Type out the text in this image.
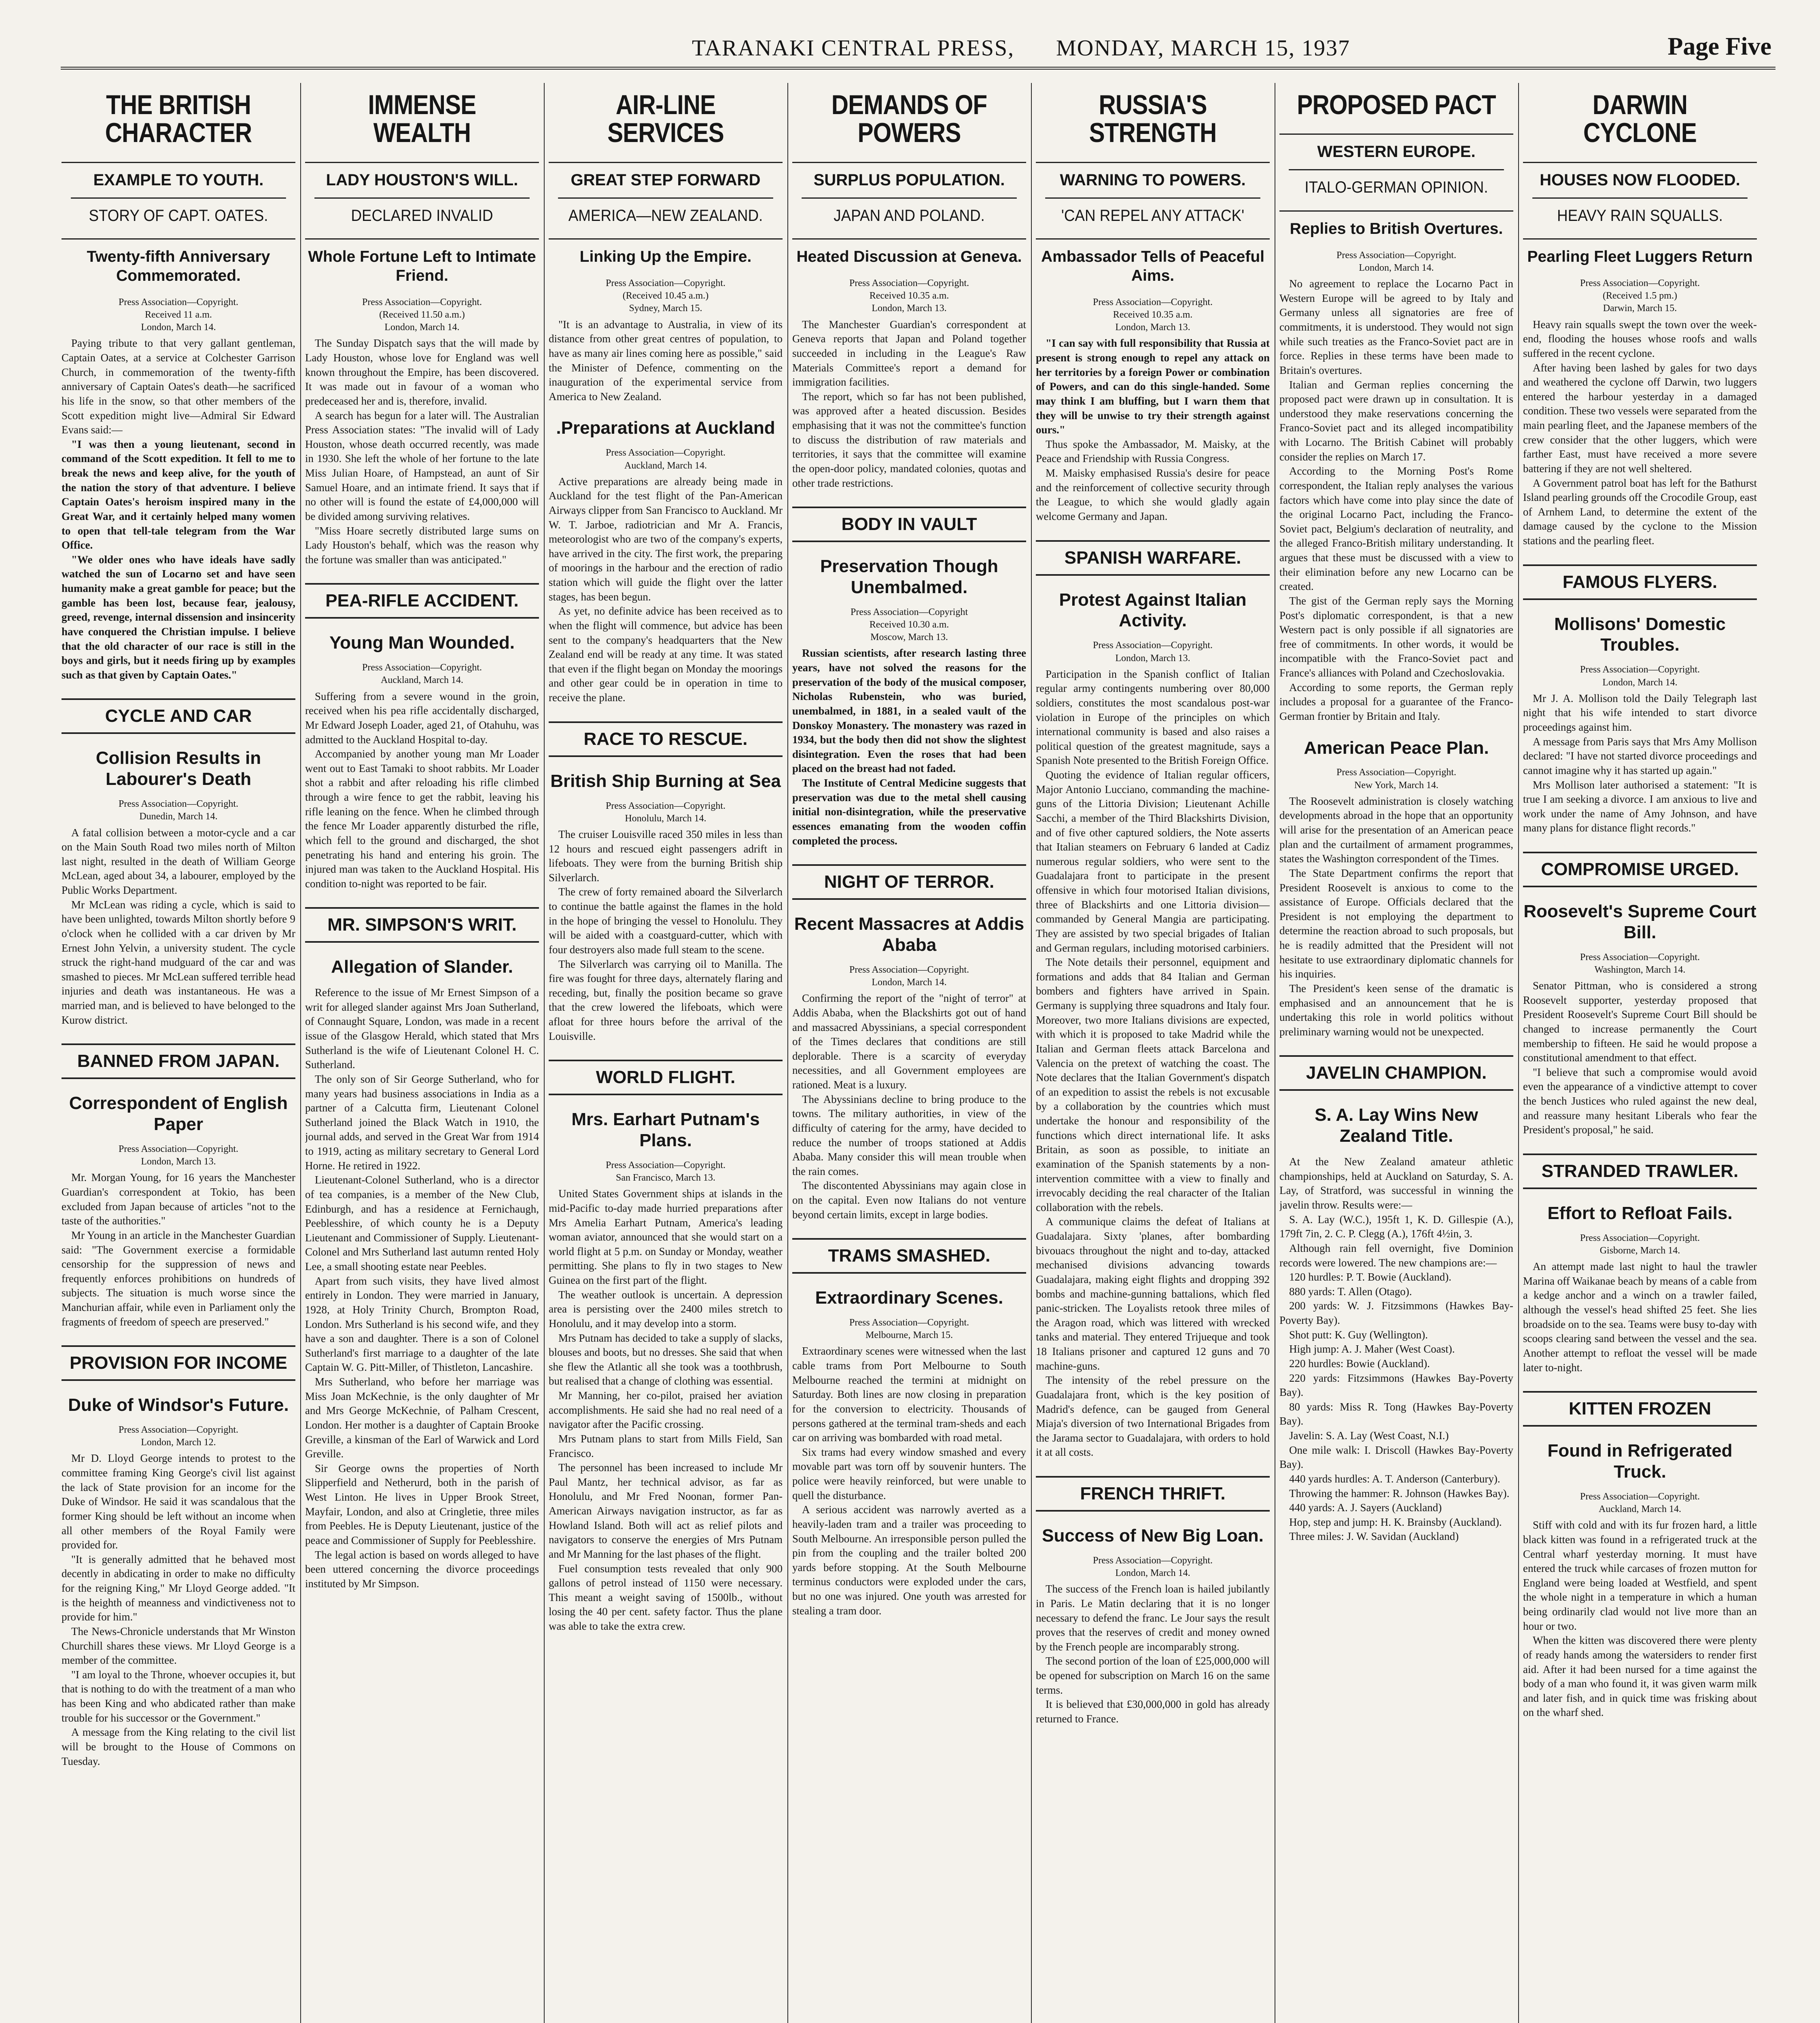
TARANAKI CENTRAL PRESS, MONDAY, MARCH 15, 1937	Page Five
THE BRITISH CHARACTER
EXAMPLE TO YOUTH.
STORY OF CAPT. OATES.
Twenty-fifth Anniversary Commemorated.
Press Association—Copyright.
Received 11 a.m.
London, March 14.

Paying tribute to that very gallant gentleman, Captain Oates, at a service at Colchester Garrison Church, in commemoration of the twenty-fifth anniversary of Captain Oates's death—he sacrificed his life in the snow, so that other members of the Scott expedition might live—Admiral Sir Edward Evans said:—

"I was then a young lieutenant, second in command of the Scott expedition. It fell to me to break the news and keep alive, for the youth of the nation the story of that adventure. I believe Captain Oates's heroism inspired many in the Great War, and it certainly helped many women to open that tell-tale telegram from the War Office.

"We older ones who have ideals have sadly watched the sun of Locarno set and have seen humanity make a great gamble for peace; but the gamble has been lost, because fear, jealousy, greed, revenge, internal dissension and insincerity have conquered the Christian impulse. I believe that the old character of our race is still in the boys and girls, but it needs firing up by examples such as that given by Captain Oates."

CYCLE AND CAR
Collision Results in Labourer's Death
Press Association—Copyright.
Dunedin, March 14.

A fatal collision between a motor-cycle and a car on the Main South Road two miles north of Milton last night, resulted in the death of William George McLean, aged about 34, a labourer, employed by the Public Works Department.

Mr McLean was riding a cycle, which is said to have been unlighted, towards Milton shortly before 9 o'clock when he collided with a car driven by Mr Ernest John Yelvin, a university student. The cycle struck the right-hand mudguard of the car and was smashed to pieces. Mr McLean suffered terrible head injuries and death was instantaneous. He was a married man, and is believed to have belonged to the Kurow district.

BANNED FROM JAPAN.
Correspondent of English Paper
Press Association—Copyright.
London, March 13.

Mr. Morgan Young, for 16 years the Manchester Guardian's correspondent at Tokio, has been excluded from Japan because of articles "not to the taste of the authorities."

Mr Young in an article in the Manchester Guardian said: "The Government exercise a formidable censorship for the suppression of news and frequently enforces prohibitions on hundreds of subjects. The situation is much worse since the Manchurian affair, while even in Parliament only the fragments of freedom of speech are preserved."

PROVISION FOR INCOME
Duke of Windsor's Future.
Press Association—Copyright.
London, March 12.

Mr D. Lloyd George intends to protest to the committee framing King George's civil list against the lack of State provision for an income for the Duke of Windsor. He said it was scandalous that the former King should be left without an income when all other members of the Royal Family were provided for.

"It is generally admitted that he behaved most decently in abdicating in order to make no difficulty for the reigning King," Mr Lloyd George added. "It is the heighth of meanness and vindictiveness not to provide for him."

The News-Chronicle understands that Mr Winston Churchill shares these views. Mr Lloyd George is a member of the committee.

"I am loyal to the Throne, whoever occupies it, but that is nothing to do with the treatment of a man who has been King and who abdicated rather than make trouble for his successor or the Government."

A message from the King relating to the civil list will be brought to the House of Commons on Tuesday.

IMMENSE WEALTH
LADY HOUSTON'S WILL.
DECLARED INVALID
Whole Fortune Left to Intimate Friend.
Press Association—Copyright.
(Received 11.50 a.m.)
London, March 14.

The Sunday Dispatch says that the will made by Lady Houston, whose love for England was well known throughout the Empire, has been discovered. It was made out in favour of a woman who predeceased her and is, therefore, invalid.

A search has begun for a later will. The Australian Press Association states: "The invalid will of Lady Houston, whose death occurred recently, was made in 1930. She left the whole of her fortune to the late Miss Julian Hoare, of Hampstead, an aunt of Sir Samuel Hoare, and an intimate friend. It says that if no other will is found the estate of £4,000,000 will be divided among surviving relatives.

"Miss Hoare secretly distributed large sums on Lady Houston's behalf, which was the reason why the fortune was smaller than was anticipated."

PEA-RIFLE ACCIDENT.
Young Man Wounded.
Press Association—Copyright.
Auckland, March 14.

Suffering from a severe wound in the groin, received when his pea rifle accidentally discharged, Mr Edward Joseph Loader, aged 21, of Otahuhu, was admitted to the Auckland Hospital to-day.

Accompanied by another young man Mr Loader went out to East Tamaki to shoot rabbits. Mr Loader shot a rabbit and after reloading his rifle climbed through a wire fence to get the rabbit, leaving his rifle leaning on the fence. When he climbed through the fence Mr Loader apparently disturbed the rifle, which fell to the ground and discharged, the shot penetrating his hand and entering his groin. The injured man was taken to the Auckland Hospital. His condition to-night was reported to be fair.

MR. SIMPSON'S WRIT.
Allegation of Slander.

Reference to the issue of Mr Ernest Simpson of a writ for alleged slander against Mrs Joan Sutherland, of Connaught Square, London, was made in a recent issue of the Glasgow Herald, which stated that Mrs Sutherland is the wife of Lieutenant Colonel H. C. Sutherland.

The only son of Sir George Sutherland, who for many years had business associations in India as a partner of a Calcutta firm, Lieutenant Colonel Sutherland joined the Black Watch in 1910, the journal adds, and served in the Great War from 1914 to 1919, acting as military secretary to General Lord Horne. He retired in 1922.

Lieutenant-Colonel Sutherland, who is a director of tea companies, is a member of the New Club, Edinburgh, and has a residence at Fernichaugh, Peeblesshire, of which county he is a Deputy Lieutenant and Commissioner of Supply. Lieutenant-Colonel and Mrs Sutherland last autumn rented Holy Lee, a small shooting estate near Peebles.

Apart from such visits, they have lived almost entirely in London. They were married in January, 1928, at Holy Trinity Church, Brompton Road, London. Mrs Sutherland is his second wife, and they have a son and daughter. There is a son of Colonel Sutherland's first marriage to a daughter of the late Captain W. G. Pitt-Miller, of Thistleton, Lancashire.

Mrs Sutherland, who before her marriage was Miss Joan McKechnie, is the only daughter of Mr and Mrs George McKechnie, of Palham Crescent, London. Her mother is a daughter of Captain Brooke Greville, a kinsman of the Earl of Warwick and Lord Greville.

Sir George owns the properties of North Slipperfield and Netherurd, both in the parish of West Linton. He lives in Upper Brook Street, Mayfair, London, and also at Cringletie, three miles from Peebles. He is Deputy Lieutenant, justice of the peace and Commissioner of Supply for Peeblesshire.

The legal action is based on words alleged to have been uttered concerning the divorce proceedings instituted by Mr Simpson.

AIR-LINE SERVICES
GREAT STEP FORWARD
AMERICA—NEW ZEALAND.
Linking Up the Empire.
Press Association—Copyright.
(Received 10.45 a.m.)
Sydney, March 15.

"It is an advantage to Australia, in view of its distance from other great centres of population, to have as many air lines coming here as possible," said the Minister of Defence, commenting on the inauguration of the experimental service from America to New Zealand.

.Preparations at Auckland
Press Association—Copyright.
Auckland, March 14.

Active preparations are already being made in Auckland for the test flight of the Pan-American Airways clipper from San Francisco to Auckland. Mr W. T. Jarboe, radiotrician and Mr A. Francis, meteorologist who are two of the company's experts, have arrived in the city. The first work, the preparing of moorings in the harbour and the erection of radio station which will guide the flight over the latter stages, has been begun.

As yet, no definite advice has been received as to when the flight will commence, but advice has been sent to the company's headquarters that the New Zealand end will be ready at any time. It was stated that even if the flight began on Monday the moorings and other gear could be in operation in time to receive the plane.

RACE TO RESCUE.
British Ship Burning at Sea
Press Association—Copyright.
Honolulu, March 14.

The cruiser Louisville raced 350 miles in less than 12 hours and rescued eight passengers adrift in lifeboats. They were from the burning British ship Silverlarch.

The crew of forty remained aboard the Silverlarch to continue the battle against the flames in the hold in the hope of bringing the vessel to Honolulu. They will be aided with a coastguard-cutter, which with four destroyers also made full steam to the scene.

The Silverlarch was carrying oil to Manilla. The fire was fought for three days, alternately flaring and receding, but, finally the position became so grave that the crew lowered the lifeboats, which were afloat for three hours before the arrival of the Louisville.

WORLD FLIGHT.
Mrs. Earhart Putnam's Plans.
Press Association—Copyright.
San Francisco, March 13.

United States Government ships at islands in the mid-Pacific to-day made hurried preparations after Mrs Amelia Earhart Putnam, America's leading woman aviator, announced that she would start on a world flight at 5 p.m. on Sunday or Monday, weather permitting. She plans to fly in two stages to New Guinea on the first part of the flight.

The weather outlook is uncertain. A depression area is persisting over the 2400 miles stretch to Honolulu, and it may develop into a storm.

Mrs Putnam has decided to take a supply of slacks, blouses and boots, but no dresses. She said that when she flew the Atlantic all she took was a toothbrush, but realised that a change of clothing was essential.

Mr Manning, her co-pilot, praised her aviation accomplishments. He said she had no real need of a navigator after the Pacific crossing.

Mrs Putnam plans to start from Mills Field, San Francisco.

The personnel has been increased to include Mr Paul Mantz, her technical advisor, as far as Honolulu, and Mr Fred Noonan, former Pan-American Airways navigation instructor, as far as Howland Island. Both will act as relief pilots and navigators to conserve the energies of Mrs Putnam and Mr Manning for the last phases of the flight.

Fuel consumption tests revealed that only 900 gallons of petrol instead of 1150 were necessary. This meant a weight saving of 1500lb., without losing the 40 per cent. safety factor. Thus the plane was able to take the extra crew.

DEMANDS OF POWERS
SURPLUS POPULATION.
JAPAN AND POLAND.
Heated Discussion at Geneva.
Press Association—Copyright.
Received 10.35 a.m.
London, March 13.

The Manchester Guardian's correspondent at Geneva reports that Japan and Poland together succeeded in including in the League's Raw Materials Committee's report a demand for immigration facilities.

The report, which so far has not been published, was approved after a heated discussion. Besides emphasising that it was not the committee's function to discuss the distribution of raw materials and territories, it says that the committee will examine the open-door policy, mandated colonies, quotas and other trade restrictions.

BODY IN VAULT
Preservation Though Unembalmed.
Press Association—Copyright
Received 10.30 a.m.
Moscow, March 13.

Russian scientists, after research lasting three years, have not solved the reasons for the preservation of the body of the musical composer, Nicholas Rubenstein, who was buried, unembalmed, in 1881, in a sealed vault of the Donskoy Monastery. The monastery was razed in 1934, but the body then did not show the slightest disintegration. Even the roses that had been placed on the breast had not faded.

The Institute of Central Medicine suggests that preservation was due to the metal shell causing initial non-disintegration, while the preservative essences emanating from the wooden coffin completed the process.

NIGHT OF TERROR.
Recent Massacres at Addis Ababa
Press Association—Copyright.
London, March 14.

Confirming the report of the "night of terror" at Addis Ababa, when the Blackshirts got out of hand and massacred Abyssinians, a special correspondent of the Times declares that conditions are still deplorable. There is a scarcity of everyday necessities, and all Government employees are rationed. Meat is a luxury.

The Abyssinians decline to bring produce to the towns. The military authorities, in view of the difficulty of catering for the army, have decided to reduce the number of troops stationed at Addis Ababa. Many consider this will mean trouble when the rain comes.

The discontented Abyssinians may again close in on the capital. Even now Italians do not venture beyond certain limits, except in large bodies.

TRAMS SMASHED.
Extraordinary Scenes.
Press Association—Copyright.
Melbourne, March 15.

Extraordinary scenes were witnessed when the last cable trams from Port Melbourne to South Melbourne reached the termini at midnight on Saturday. Both lines are now closing in preparation for the conversion to electricity. Thousands of persons gathered at the terminal tram-sheds and each car on arriving was bombarded with road metal.

Six trams had every window smashed and every movable part was torn off by souvenir hunters. The police were heavily reinforced, but were unable to quell the disturbance.

A serious accident was narrowly averted as a heavily-laden tram and a trailer was proceeding to South Melbourne. An irresponsible person pulled the pin from the coupling and the trailer bolted 200 yards before stopping. At the South Melbourne terminus conductors were exploded under the cars, but no one was injured. One youth was arrested for stealing a tram door.

RUSSIA'S STRENGTH
WARNING TO POWERS.
'CAN REPEL ANY ATTACK'
Ambassador Tells of Peaceful Aims.
Press Association—Copyright.
Received 10.35 a.m.
London, March 13.

"I can say with full responsibility that Russia at present is strong enough to repel any attack on her territories by a foreign Power or combination of Powers, and can do this single-handed. Some may think I am bluffing, but I warn them that they will be unwise to try their strength against ours."

Thus spoke the Ambassador, M. Maisky, at the Peace and Friendship with Russia Congress.

M. Maisky emphasised Russia's desire for peace and the reinforcement of collective security through the League, to which she would gladly again welcome Germany and Japan.

SPANISH WARFARE.
Protest Against Italian Activity.
Press Association—Copyright.
London, March 13.

Participation in the Spanish conflict of Italian regular army contingents numbering over 80,000 soldiers, constitutes the most scandalous post-war violation in Europe of the principles on which international community is based and also raises a political question of the greatest magnitude, says a Spanish Note presented to the British Foreign Office.

Quoting the evidence of Italian regular officers, Major Antonio Lucciano, commanding the machine-guns of the Littoria Division; Lieutenant Achille Sacchi, a member of the Third Blackshirts Division, and of five other captured soldiers, the Note asserts that Italian steamers on February 6 landed at Cadiz numerous regular soldiers, who were sent to the Guadalajara front to participate in the present offensive in which four motorised Italian divisions, three of Blackshirts and one Littoria division—commanded by General Mangia are participating. They are assisted by two special brigades of Italian and German regulars, including motorised carbiniers.

The Note details their personnel, equipment and formations and adds that 84 Italian and German bombers and fighters have arrived in Spain. Germany is supplying three squadrons and Italy four. Moreover, two more Italians divisions are expected, with which it is proposed to take Madrid while the Italian and German fleets attack Barcelona and Valencia on the pretext of watching the coast. The Note declares that the Italian Government's dispatch of an expedition to assist the rebels is not excusable by a collaboration by the countries which must undertake the honour and responsibility of the functions which direct international life. It asks Britain, as soon as possible, to initiate an examination of the Spanish statements by a non-intervention committee with a view to finally and irrevocably deciding the real character of the Italian collaboration with the rebels.

A communique claims the defeat of Italians at Guadalajara. Sixty 'planes, after bombarding bivouacs throughout the night and to-day, attacked mechanised divisions advancing towards Guadalajara, making eight flights and dropping 392 bombs and machine-gunning battalions, which fled panic-stricken. The Loyalists retook three miles of the Aragon road, which was littered with wrecked tanks and material. They entered Trijueque and took 18 Italians prisoner and captured 12 guns and 70 machine-guns.

The intensity of the rebel pressure on the Guadalajara front, which is the key position of Madrid's defence, can be gauged from General Miaja's diversion of two International Brigades from the Jarama sector to Guadalajara, with orders to hold it at all costs.

FRENCH THRIFT.
Success of New Big Loan.
Press Association—Copyright.
London, March 14.

The success of the French loan is hailed jubilantly in Paris. Le Matin declaring that it is no longer necessary to defend the franc. Le Jour says the result proves that the reserves of credit and money owned by the French people are incomparably strong.

The second portion of the loan of £25,000,000 will be opened for subscription on March 16 on the same terms.

It is believed that £30,000,000 in gold has already returned to France.

PROPOSED PACT
WESTERN EUROPE.
ITALO-GERMAN OPINION.
Replies to British Overtures.
Press Association—Copyright.
London, March 14.

No agreement to replace the Locarno Pact in Western Europe will be agreed to by Italy and Germany unless all signatories are free of commitments, it is understood. They would not sign while such treaties as the Franco-Soviet pact are in force. Replies in these terms have been made to Britain's overtures.

Italian and German replies concerning the proposed pact were drawn up in consultation. It is understood they make reservations concerning the Franco-Soviet pact and its alleged incompatibility with Locarno. The British Cabinet will probably consider the replies on March 17.

According to the Morning Post's Rome correspondent, the Italian reply analyses the various factors which have come into play since the date of the original Locarno Pact, including the Franco-Soviet pact, Belgium's declaration of neutrality, and the alleged Franco-British military understanding. It argues that these must be discussed with a view to their elimination before any new Locarno can be created.

The gist of the German reply says the Morning Post's diplomatic correspondent, is that a new Western pact is only possible if all signatories are free of commitments. In other words, it would be incompatible with the Franco-Soviet pact and France's alliances with Poland and Czechoslovakia.

According to some reports, the German reply includes a proposal for a guarantee of the Franco-German frontier by Britain and Italy.

American Peace Plan.
Press Association—Copyright.
New York, March 14.

The Roosevelt administration is closely watching developments abroad in the hope that an opportunity will arise for the presentation of an American peace plan and the curtailment of armament programmes, states the Washington correspondent of the Times.

The State Department confirms the report that President Roosevelt is anxious to come to the assistance of Europe. Officials declared that the President is not employing the department to determine the reaction abroad to such proposals, but he is readily admitted that the President will not hesitate to use extraordinary diplomatic channels for his inquiries.

The President's keen sense of the dramatic is emphasised and an announcement that he is undertaking this role in world politics without preliminary warning would not be unexpected.

JAVELIN CHAMPION.
S. A. Lay Wins New Zealand Title.

At the New Zealand amateur athletic championships, held at Auckland on Saturday, S. A. Lay, of Stratford, was successful in winning the javelin throw. Results were:—

S. A. Lay (W.C.), 195ft 1, K. D. Gillespie (A.), 179ft 7in, 2. C. P. Clegg (A.), 176ft 4½in, 3.

Although rain fell overnight, five Dominion records were lowered. The new champions are:—

120 hurdles: P. T. Bowie (Auckland).

880 yards: T. Allen (Otago).

200 yards: W. J. Fitzsimmons (Hawkes Bay-Poverty Bay).

Shot putt: K. Guy (Wellington).

High jump: A. J. Maher (West Coast).

220 hurdles: Bowie (Auckland).

220 yards: Fitzsimmons (Hawkes Bay-Poverty Bay).

80 yards: Miss R. Tong (Hawkes Bay-Poverty Bay).

Javelin: S. A. Lay (West Coast, N.I.)

One mile walk: I. Driscoll (Hawkes Bay-Poverty Bay).

440 yards hurdles: A. T. Anderson (Canterbury).

Throwing the hammer: R. Johnson (Hawkes Bay).

440 yards: A. J. Sayers (Auckland)

Hop, step and jump: H. K. Brainsby (Auckland).

Three miles: J. W. Savidan (Auckland)

DARWIN CYCLONE
HOUSES NOW FLOODED.
HEAVY RAIN SQUALLS.
Pearling Fleet Luggers Return
Press Association—Copyright.
(Received 1.5 pm.)
Darwin, March 15.

Heavy rain squalls swept the town over the week-end, flooding the houses whose roofs and walls suffered in the recent cyclone.

After having been lashed by gales for two days and weathered the cyclone off Darwin, two luggers entered the harbour yesterday in a damaged condition. These two vessels were separated from the main pearling fleet, and the Japanese members of the crew consider that the other luggers, which were farther East, must have received a more severe battering if they are not well sheltered.

A Government patrol boat has left for the Bathurst Island pearling grounds off the Crocodile Group, east of Arnhem Land, to determine the extent of the damage caused by the cyclone to the Mission stations and the pearling fleet.

FAMOUS FLYERS.
Mollisons' Domestic Troubles.
Press Association—Copyright.
London, March 14.

Mr J. A. Mollison told the Daily Telegraph last night that his wife intended to start divorce proceedings against him.

A message from Paris says that Mrs Amy Mollison declared: "I have not started divorce proceedings and cannot imagine why it has started up again."

Mrs Mollison later authorised a statement: "It is true I am seeking a divorce. I am anxious to live and work under the name of Amy Johnson, and have many plans for distance flight records."

COMPROMISE URGED.
Roosevelt's Supreme Court Bill.
Press Association—Copyright.
Washington, March 14.

Senator Pittman, who is considered a strong Roosevelt supporter, yesterday proposed that President Roosevelt's Supreme Court Bill should be changed to increase permanently the Court membership to fifteen. He said he would propose a constitutional amendment to that effect.

"I believe that such a compromise would avoid even the appearance of a vindictive attempt to cover the bench Justices who ruled against the new deal, and reassure many hesitant Liberals who fear the President's proposal," he said.

STRANDED TRAWLER.
Effort to Refloat Fails.
Press Association—Copyright.
Gisborne, March 14.

An attempt made last night to haul the trawler Marina off Waikanae beach by means of a cable from a kedge anchor and a winch on a trawler failed, although the vessel's head shifted 25 feet. She lies broadside on to the sea. Teams were busy to-day with scoops clearing sand between the vessel and the sea. Another attempt to refloat the vessel will be made later to-night.

KITTEN FROZEN
Found in Refrigerated Truck.
Press Association—Copyright.
Auckland, March 14.

Stiff with cold and with its fur frozen hard, a little black kitten was found in a refrigerated truck at the Central wharf yesterday morning. It must have entered the truck while carcases of frozen mutton for England were being loaded at Westfield, and spent the whole night in a temperature in which a human being ordinarily clad would not live more than an hour or two.

When the kitten was discovered there were plenty of ready hands among the watersiders to render first aid. After it had been nursed for a time against the body of a man who found it, it was given warm milk and later fish, and in quick time was frisking about on the wharf shed.
